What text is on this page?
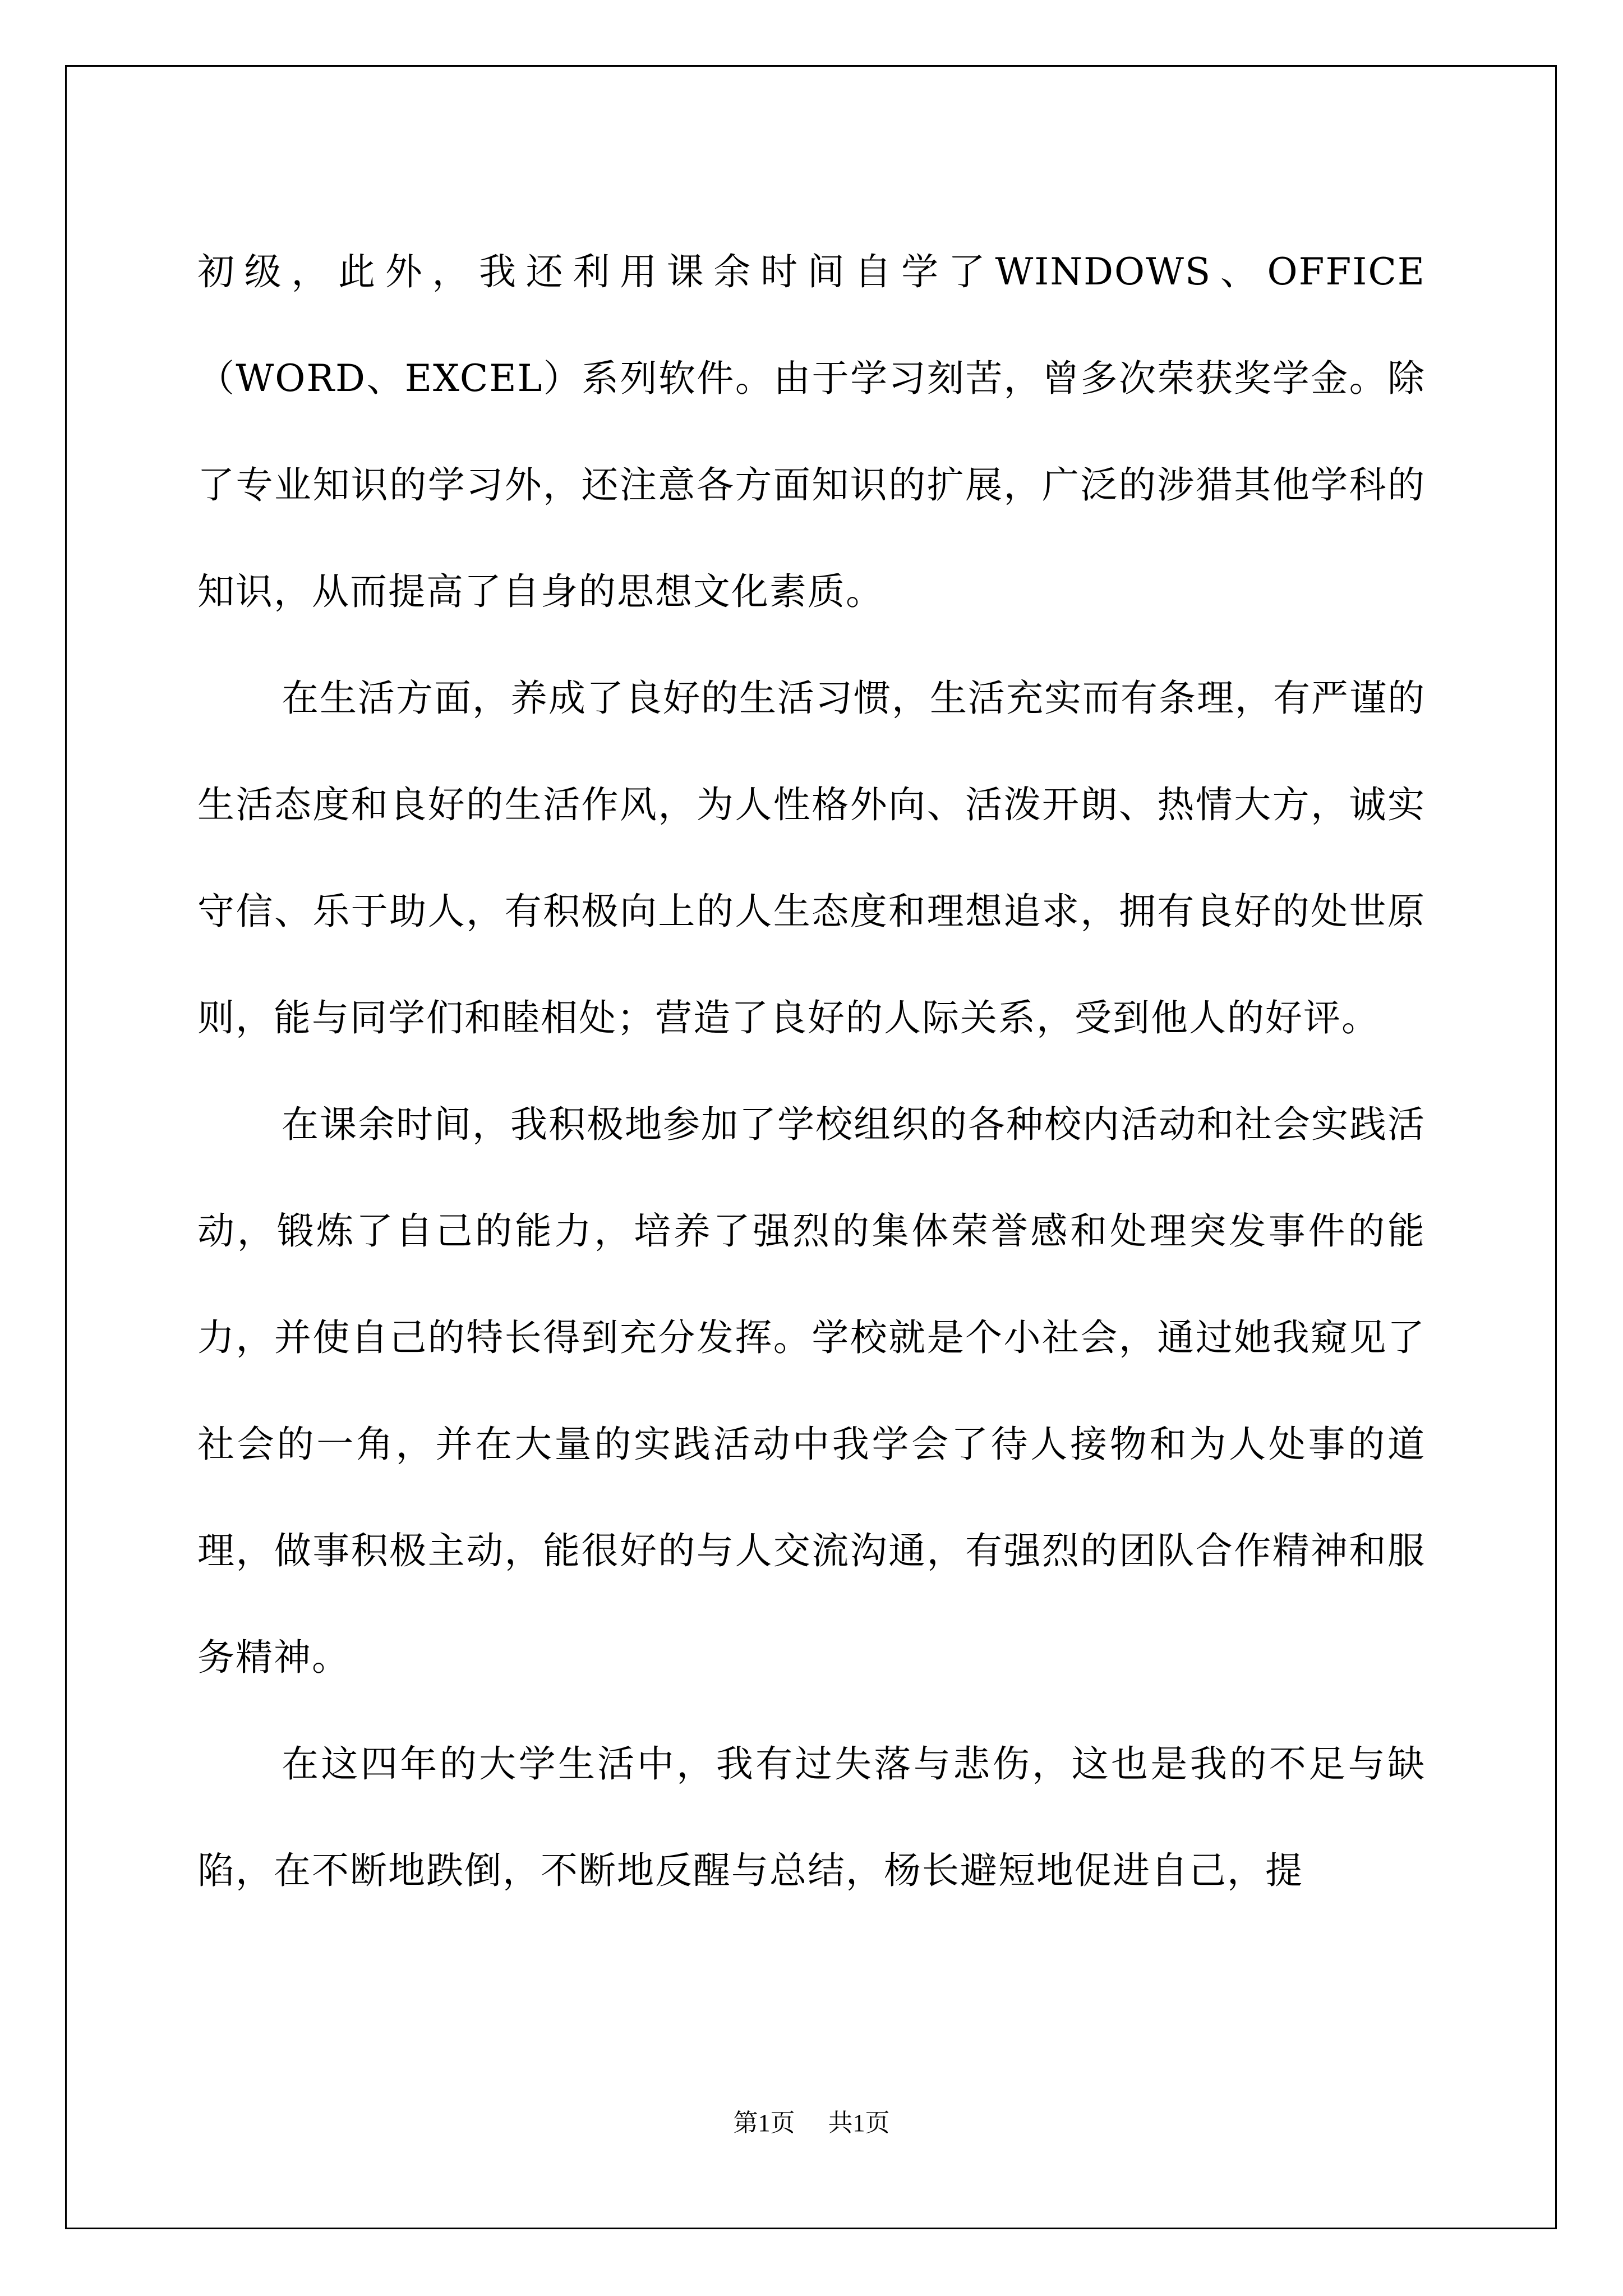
初级，此外，我还利用课余时间自学了WINDOWS、OFFICE（WORD、EXCEL）系列软件。由于学习刻苦，曾多次荣获奖学金。除了专业知识的学习外，还注意各方面知识的扩展，广泛的涉猎其他学科的知识，从而提高了自身的思想文化素质。

在生活方面，养成了良好的生活习惯，生活充实而有条理，有严谨的生活态度和良好的生活作风，为人性格外向、活泼开朗、热情大方，诚实守信、乐于助人，有积极向上的人生态度和理想追求，拥有良好的处世原则，能与同学们和睦相处；营造了良好的人际关系，受到他人的好评。

在课余时间，我积极地参加了学校组织的各种校内活动和社会实践活动，锻炼了自己的能力，培养了强烈的集体荣誉感和处理突发事件的能力，并使自己的特长得到充分发挥。学校就是个小社会，通过她我窥见了社会的一角，并在大量的实践活动中我学会了待人接物和为人处事的道理，做事积极主动，能很好的与人交流沟通，有强烈的团队合作精神和服务精神。

在这四年的大学生活中，我有过失落与悲伤，这也是我的不足与缺陷，在不断地跌倒，不断地反醒与总结，杨长避短地促进自己，提

第1页 共1页
